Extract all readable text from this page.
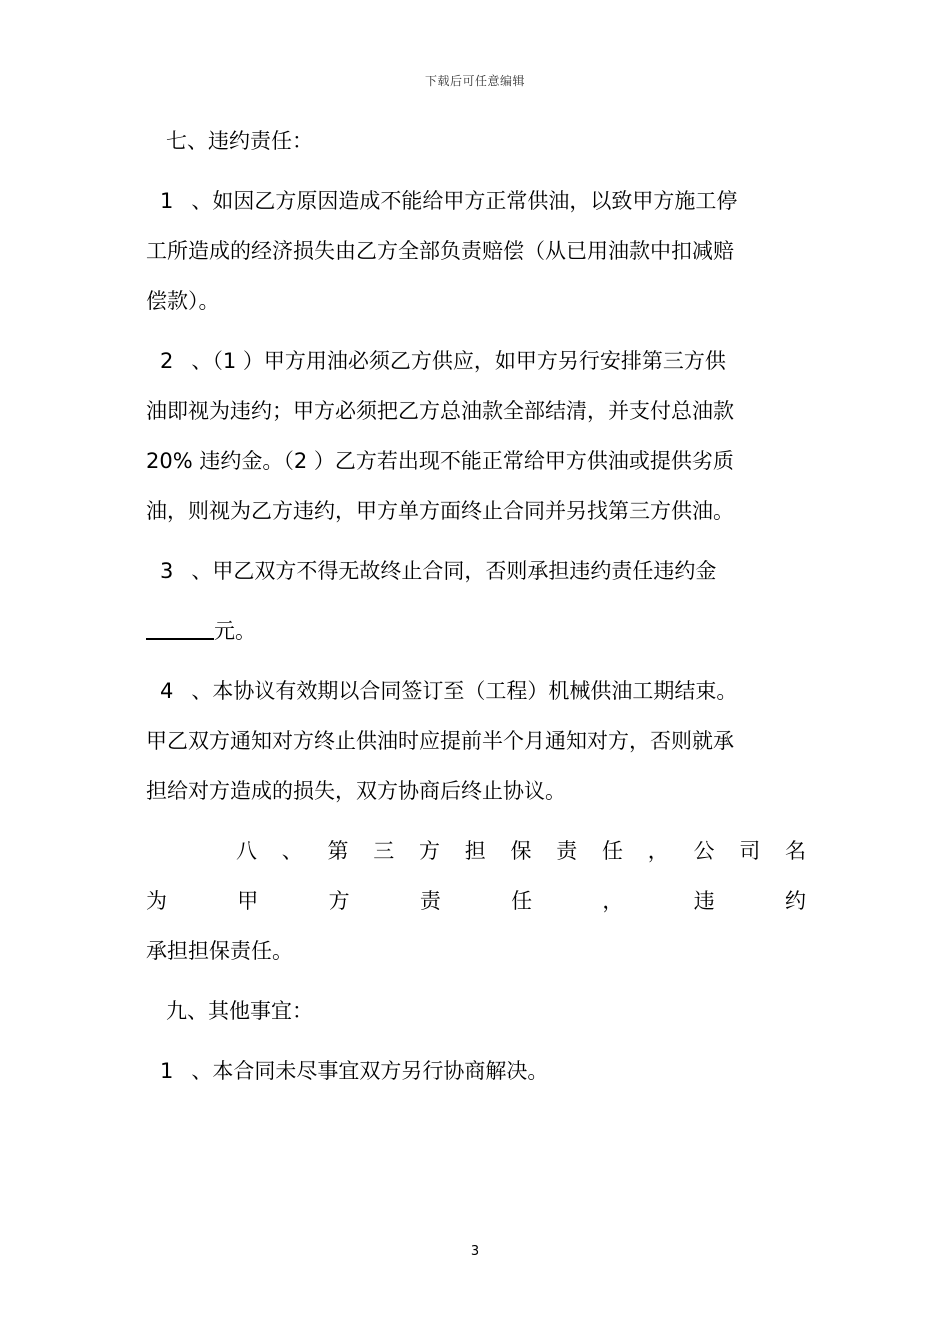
下载后可任意编辑
七、违约责任：
1 、如因乙方原因造成不能给甲方正常供油，以致甲方施工停
工所造成的经济损失由乙方全部负责赔偿（从已用油款中扣减赔
偿款）。
2 、（1 ）甲方用油必须乙方供应，如甲方另行安排第三方供
油即视为违约；甲方必须把乙方总油款全部结清，并支付总油款
20% 违约金。（2 ）乙方若出现不能正常给甲方供油或提供劣质
油，则视为乙方违约，甲方单方面终止合同并另找第三方供油。
3 、甲乙双方不得无故终止合同，否则承担违约责任违约金
元。
4 、本协议有效期以合同签订至（工程）机械供油工期结束。
甲乙双方通知对方终止供油时应提前半个月通知对方，否则就承
担给对方造成的损失，双方协商后终止协议。
八、第三方担保责任，公司名
为甲方责任，违约
承担担保责任。
九、其他事宜：
1 、本合同未尽事宜双方另行协商解决。
3
